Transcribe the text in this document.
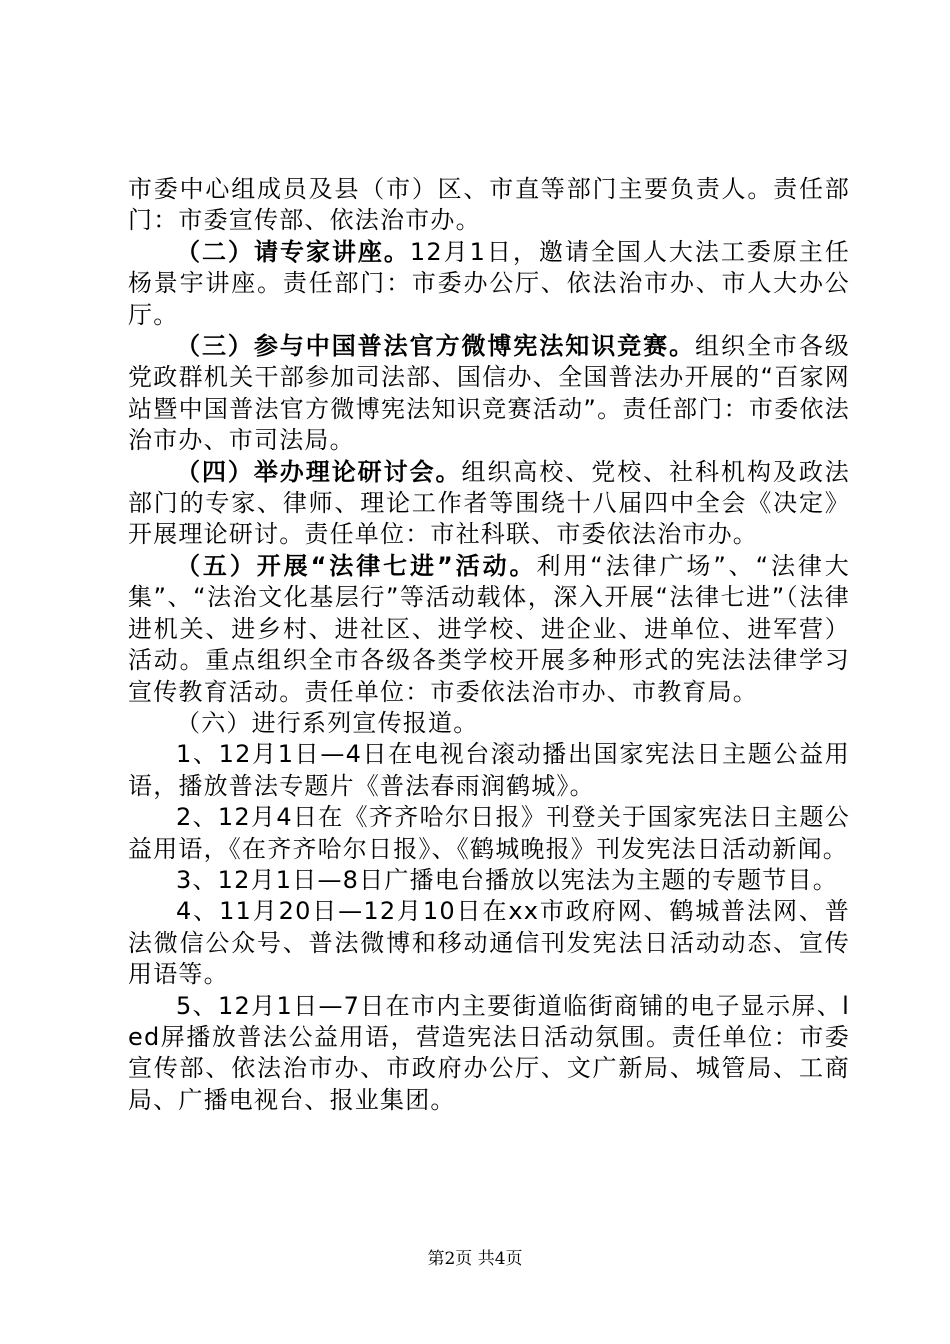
市委中心组成员及县（市）区、市直等部门主要负责人。责任部门：市委宣传部、依法治市办。

（二）请专家讲座。12月1日，邀请全国人大法工委原主任杨景宇讲座。责任部门：市委办公厅、依法治市办、市人大办公厅。

（三）参与中国普法官方微博宪法知识竞赛。组织全市各级党政群机关干部参加司法部、国信办、全国普法办开展的“百家网站暨中国普法官方微博宪法知识竞赛活动”。责任部门：市委依法治市办、市司法局。

（四）举办理论研讨会。组织高校、党校、社科机构及政法部门的专家、律师、理论工作者等围绕十八届四中全会《决定》开展理论研讨。责任单位：市社科联、市委依法治市办。

（五）开展“法律七进”活动。利用“法律广场”、“法律大集”、“法治文化基层行”等活动载体，深入开展“法律七进”（法律进机关、进乡村、进社区、进学校、进企业、进单位、进军营）活动。重点组织全市各级各类学校开展多种形式的宪法法律学习宣传教育活动。责任单位：市委依法治市办、市教育局。

（六）进行系列宣传报道。

1、12月1日—4日在电视台滚动播出国家宪法日主题公益用语，播放普法专题片《普法春雨润鹤城》。

2、12月4日在《齐齐哈尔日报》刊登关于国家宪法日主题公益用语，《在齐齐哈尔日报》、《鹤城晚报》刊发宪法日活动新闻。

3、12月1日—8日广播电台播放以宪法为主题的专题节目。

4、11月20日—12月10日在xx市政府网、鹤城普法网、普法微信公众号、普法微博和移动通信刊发宪法日活动动态、宣传用语等。

5、12月1日—7日在市内主要街道临街商铺的电子显示屏、led屏播放普法公益用语，营造宪法日活动氛围。责任单位：市委宣传部、依法治市办、市政府办公厅、文广新局、城管局、工商局、广播电视台、报业集团。

第2页 共4页
